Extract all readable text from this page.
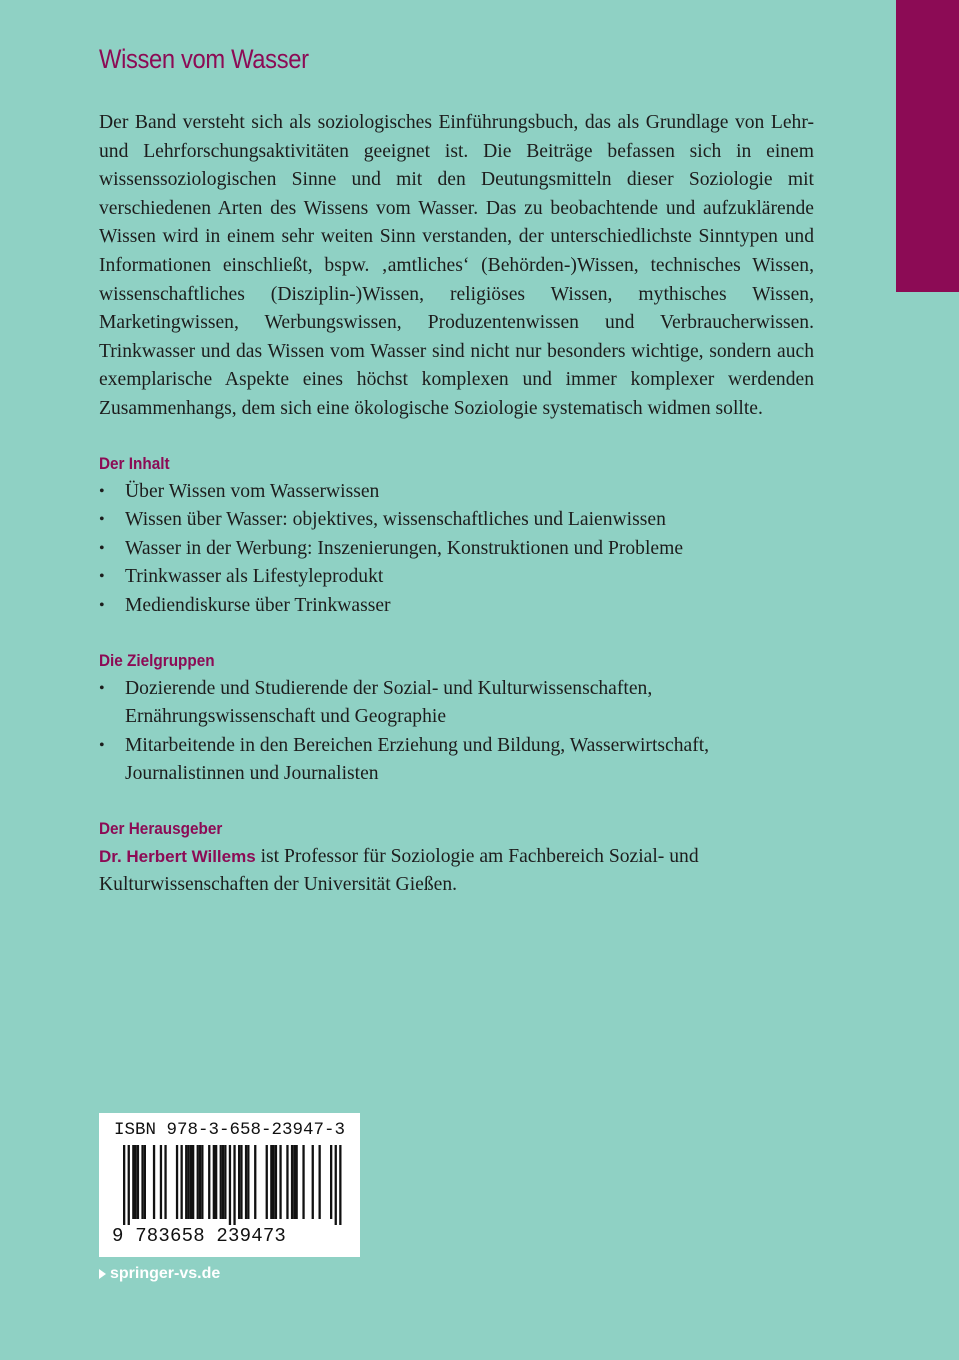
Wissen vom Wasser

Der Band versteht sich als soziologisches Einführungsbuch, das als Grundlage von Lehr- und Lehrforschungsaktivitäten geeignet ist. Die Beiträge befassen sich in einem wissenssoziologischen Sinne und mit den Deutungsmitteln dieser Soziologie mit verschiedenen Arten des Wissens vom Wasser. Das zu beobachtende und aufzuklärende Wissen wird in einem sehr weiten Sinn verstanden, der unterschiedlichste Sinntypen und Informationen einschließt, bspw. ‚amtliches‘ (Behörden-)Wissen, technisches Wissen, wissenschaftliches (Disziplin-)Wissen, religiöses Wissen, mythisches Wissen, Marketingwissen, Werbungswissen, Produzentenwissen und Verbraucherwissen. Trinkwasser und das Wissen vom Wasser sind nicht nur besonders wichtige, sondern auch exemplarische Aspekte eines höchst komplexen und immer komplexer werdenden Zusammenhangs, dem sich eine ökologische Soziologie systematisch widmen sollte.

Der Inhalt
• Über Wissen vom Wasserwissen
• Wissen über Wasser: objektives, wissenschaftliches und Laienwissen
• Wasser in der Werbung: Inszenierungen, Konstruktionen und Probleme
• Trinkwasser als Lifestyleprodukt
• Mediendiskurse über Trinkwasser
Die Zielgruppen
• Dozierende und Studierende der Sozial- und Kulturwissenschaften, Ernährungswissenschaft und Geographie
• Mitarbeitende in den Bereichen Erziehung und Bildung, Wasserwirtschaft, Journalistinnen und Journalisten
Der Herausgeber

Dr. Herbert Willems ist Professor für Soziologie am Fachbereich Sozial- und Kulturwissenschaften der Universität Gießen.

ISBN 978-3-658-23947-3
9 783658 239473
springer-vs.de
